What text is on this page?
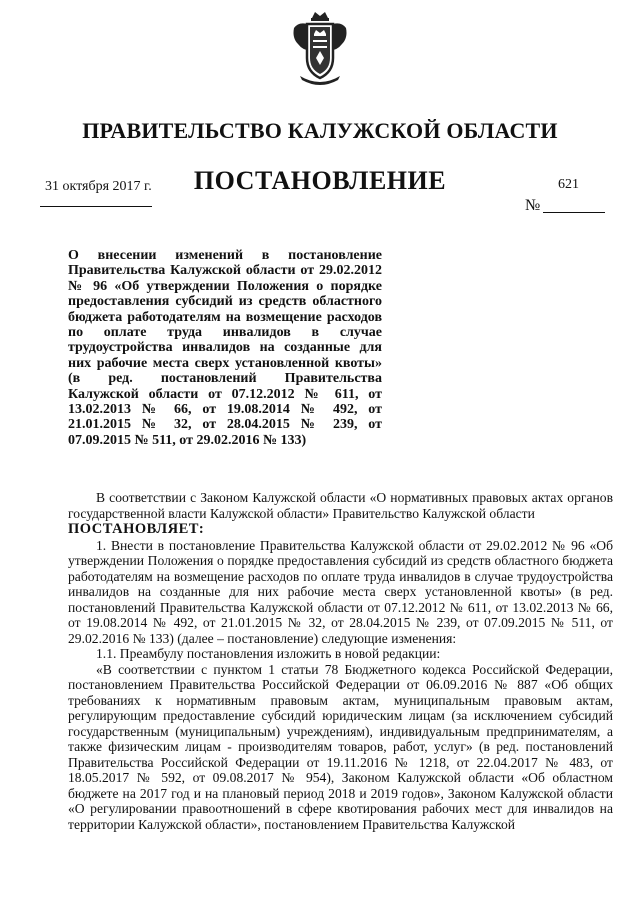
ПРАВИТЕЛЬСТВО КАЛУЖСКОЙ ОБЛАСТИ
ПОСТАНОВЛЕНИЕ
31 октября 2017 г.	621
№
О внесении изменений в постановление Правительства Калужской области от 29.02.2012 № 96 «Об утверждении Положения о порядке предоставления субсидий из средств областного бюджета работодателям на возмещение расходов по оплате труда инвалидов в случае трудоустройства инвалидов на созданные для них рабочие места сверх установленной квоты» (в ред. постановлений Правительства Калужской области от 07.12.2012 № 611, от 13.02.2013 № 66, от 19.08.2014 № 492, от 21.01.2015 № 32, от 28.04.2015 № 239, от 07.09.2015 № 511, от 29.02.2016 № 133)

В соответствии с Законом Калужской области «О нормативных правовых актах органов государственной власти Калужской области» Правительство Калужской области

ПОСТАНОВЛЯЕТ:

1. Внести в постановление Правительства Калужской области от 29.02.2012 № 96 «Об утверждении Положения о порядке предоставления субсидий из средств областного бюджета работодателям на возмещение расходов по оплате труда инвалидов в случае трудоустройства инвалидов на созданные для них рабочие места сверх установленной квоты» (в ред. постановлений Правительства Калужской области от 07.12.2012 № 611, от 13.02.2013 № 66, от 19.08.2014 № 492, от 21.01.2015 № 32, от 28.04.2015 № 239, от 07.09.2015 № 511, от 29.02.2016 № 133) (далее – постановление) следующие изменения:

1.1. Преамбулу постановления изложить в новой редакции:

«В соответствии с пунктом 1 статьи 78 Бюджетного кодекса Российской Федерации, постановлением Правительства Российской Федерации от 06.09.2016 № 887 «Об общих требованиях к нормативным правовым актам, муниципальным правовым актам, регулирующим предоставление субсидий юридическим лицам (за исключением субсидий государственным (муниципальным) учреждениям), индивидуальным предпринимателям, а также физическим лицам - производителям товаров, работ, услуг» (в ред. постановлений Правительства Российской Федерации от 19.11.2016 № 1218, от 22.04.2017 № 483, от 18.05.2017 № 592, от 09.08.2017 № 954), Законом Калужской области «Об областном бюджете на 2017 год и на плановый период 2018 и 2019 годов», Законом Калужской области «О регулировании правоотношений в сфере квотирования рабочих мест для инвалидов на территории Калужской области», постановлением Правительства Калужской
